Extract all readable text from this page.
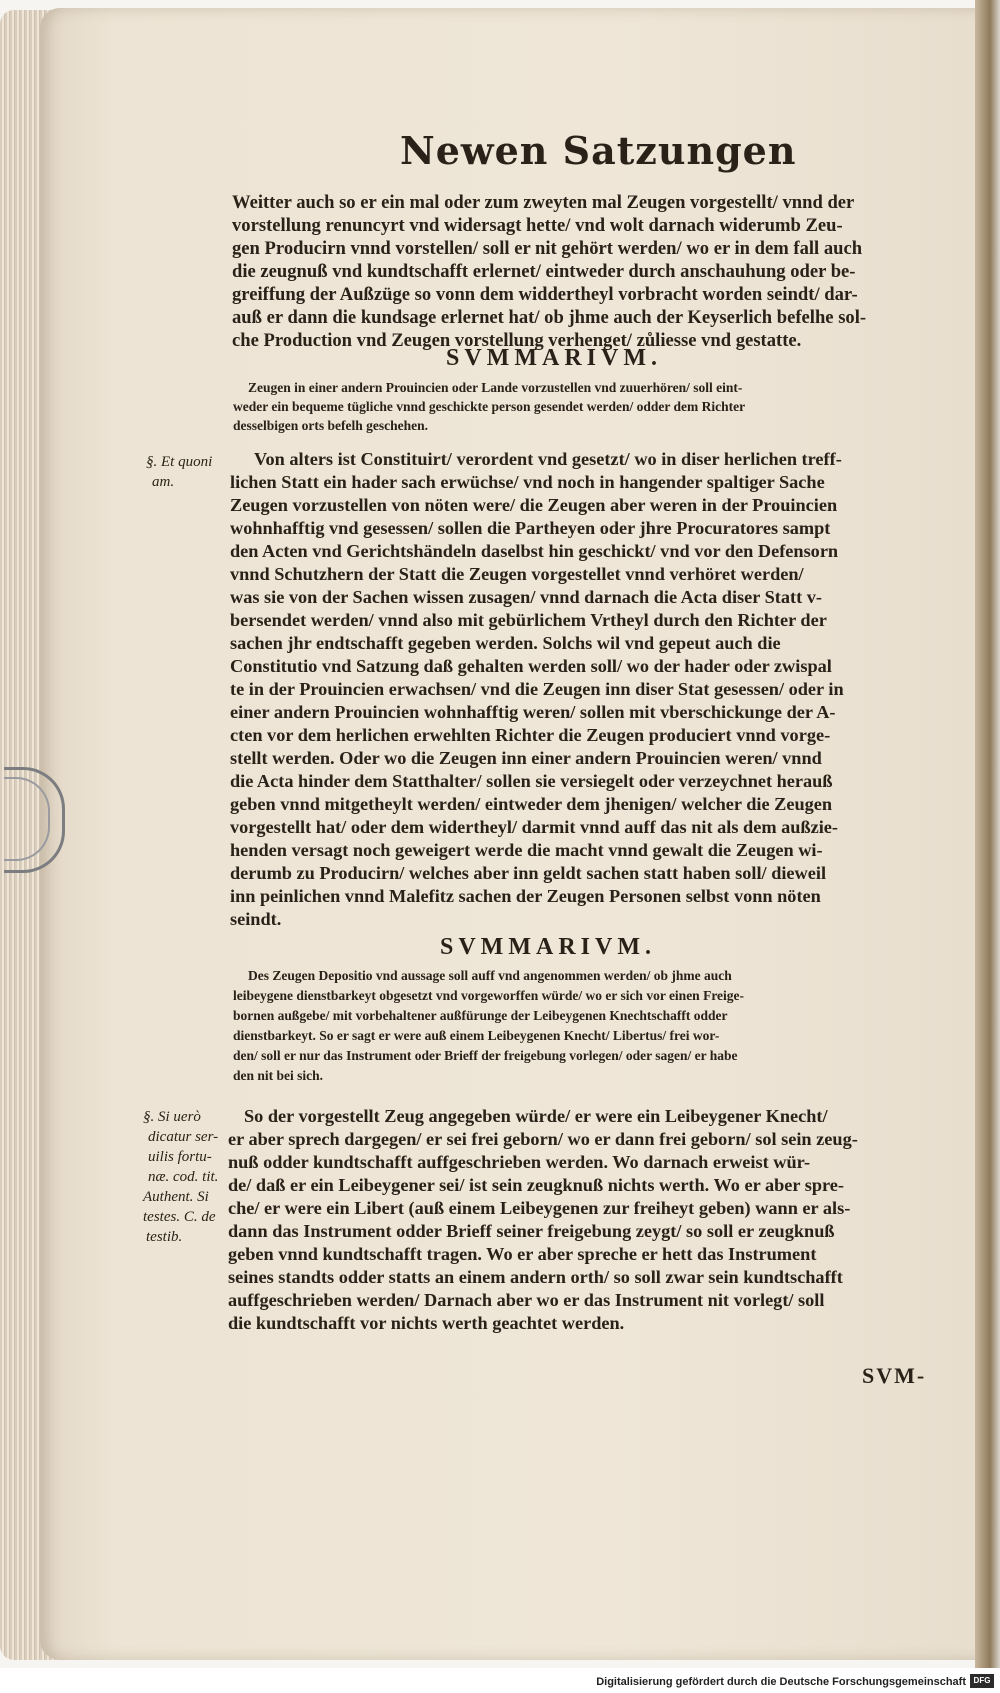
Newen Satzungen
Weitter auch so er ein mal oder zum zweyten mal Zeugen vorgestellt/ vnnd der
vorstellung renuncyrt vnd widersagt hette/ vnd wolt darnach widerumb Zeu-
gen Producirn vnnd vorstellen/ soll er nit gehört werden/ wo er in dem fall auch
die zeugnuß vnd kundtschafft erlernet/ eintweder durch anschauhung oder be-
greiffung der Außzüge so vonn dem widdertheyl vorbracht worden seindt/ dar-
auß er dann die kundsage erlernet hat/ ob jhme auch der Keyserlich befelhe sol-
che Production vnd Zeugen vorstellung verhenget/ zůliesse vnd gestatte.
SVMMARIVM.
Zeugen in einer andern Prouincien oder Lande vorzustellen vnd zuuerhören/ soll eint-
weder ein bequeme tügliche vnnd geschickte person gesendet werden/ odder dem Richter
desselbigen orts befelh geschehen.
§. Et quoni
am.
Von alters ist Constituirt/ verordent vnd gesetzt/ wo in diser herlichen treff-
lichen Statt ein hader sach erwüchse/ vnd noch in hangender spaltiger Sache
Zeugen vorzustellen von nöten were/ die Zeugen aber weren in der Prouincien
wohnhafftig vnd gesessen/ sollen die Partheyen oder jhre Procuratores sampt
den Acten vnd Gerichtshändeln daselbst hin geschickt/ vnd vor den Defensorn
vnnd Schutzhern der Statt die Zeugen vorgestellet vnnd verhöret werden/
was sie von der Sachen wissen zusagen/ vnnd darnach die Acta diser Statt v-
bersendet werden/ vnnd also mit gebürlichem Vrtheyl durch den Richter der
sachen jhr endtschafft gegeben werden. Solchs wil vnd gepeut auch die
Constitutio vnd Satzung daß gehalten werden soll/ wo der hader oder zwispal
te in der Prouincien erwachsen/ vnd die Zeugen inn diser Stat gesessen/ oder in
einer andern Prouincien wohnhafftig weren/ sollen mit vberschickunge der A-
cten vor dem herlichen erwehlten Richter die Zeugen produciert vnnd vorge-
stellt werden. Oder wo die Zeugen inn einer andern Prouincien weren/ vnnd
die Acta hinder dem Statthalter/ sollen sie versiegelt oder verzeychnet herauß
geben vnnd mitgetheylt werden/ eintweder dem jhenigen/ welcher die Zeugen
vorgestellt hat/ oder dem widertheyl/ darmit vnnd auff das nit als dem außzie-
henden versagt noch geweigert werde die macht vnnd gewalt die Zeugen wi-
derumb zu Producirn/ welches aber inn geldt sachen statt haben soll/ dieweil
inn peinlichen vnnd Malefitz sachen der Zeugen Personen selbst vonn nöten
seindt.
SVMMARIVM.
Des Zeugen Depositio vnd aussage soll auff vnd angenommen werden/ ob jhme auch
leibeygene dienstbarkeyt obgesetzt vnd vorgeworffen würde/ wo er sich vor einen Freige-
bornen außgebe/ mit vorbehaltener außfürunge der Leibeygenen Knechtschafft odder
dienstbarkeyt. So er sagt er were auß einem Leibeygenen Knecht/ Libertus/ frei wor-
den/ soll er nur das Instrument oder Brieff der freigebung vorlegen/ oder sagen/ er habe
den nit bei sich.
§. Si uerò
dicatur ser-
uilis fortu-
næ. cod. tit.
Authent. Si
testes. C. de
testib.
So der vorgestellt Zeug angegeben würde/ er were ein Leibeygener Knecht/
er aber sprech dargegen/ er sei frei geborn/ wo er dann frei geborn/ sol sein zeug-
nuß odder kundtschafft auffgeschrieben werden. Wo darnach erweist wür-
de/ daß er ein Leibeygener sei/ ist sein zeugknuß nichts werth. Wo er aber spre-
che/ er were ein Libert (auß einem Leibeygenen zur freiheyt geben) wann er als-
dann das Instrument odder Brieff seiner freigebung zeygt/ so soll er zeugknuß
geben vnnd kundtschafft tragen. Wo er aber spreche er hett das Instrument
seines standts odder statts an einem andern orth/ so soll zwar sein kundtschafft
auffgeschrieben werden/ Darnach aber wo er das Instrument nit vorlegt/ soll
die kundtschafft vor nichts werth geachtet werden.
SVM-
Digitalisierung gefördert durch die Deutsche Forschungsgemeinschaft DFG
